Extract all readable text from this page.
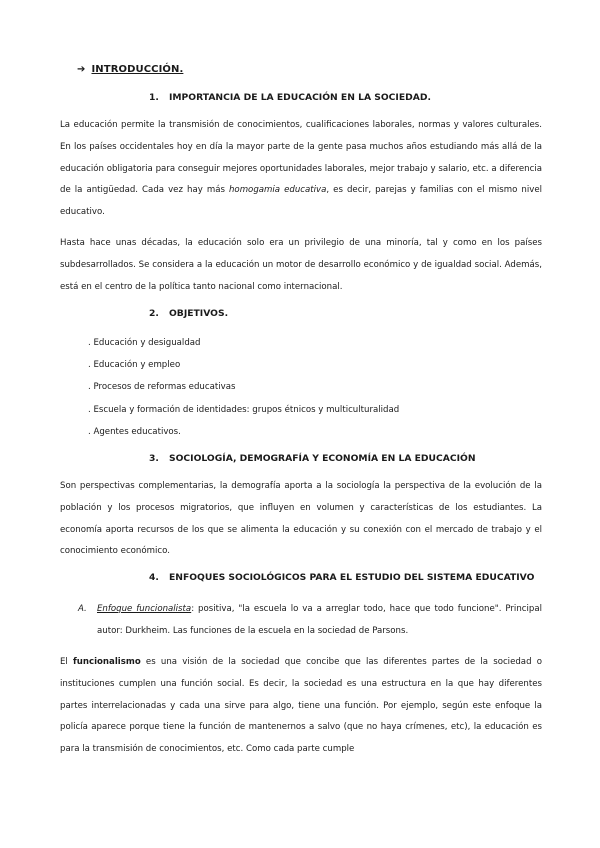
➔ INTRODUCCIÓN.
1. IMPORTANCIA DE LA EDUCACIÓN EN LA SOCIEDAD.
La educación permite la transmisión de conocimientos, cualificaciones laborales, normas y valores culturales. En los países occidentales hoy en día la mayor parte de la gente pasa muchos años estudiando más allá de la educación obligatoria para conseguir mejores oportunidades laborales, mejor trabajo y salario, etc. a diferencia de la antigüedad. Cada vez hay más homogamia educativa, es decir, parejas y familias con el mismo nivel educativo.
Hasta hace unas décadas, la educación solo era un privilegio de una minoría, tal y como en los países subdesarrollados. Se considera a la educación un motor de desarrollo económico y de igualdad social. Además, está en el centro de la política tanto nacional como internacional.
2. OBJETIVOS.
. Educación y desigualdad
. Educación y empleo
. Procesos de reformas educativas
. Escuela y formación de identidades: grupos étnicos y multiculturalidad
. Agentes educativos.
3. SOCIOLOGÍA, DEMOGRAFÍA Y ECONOMÍA EN LA EDUCACIÓN
Son perspectivas complementarias, la demografía aporta a la sociología la perspectiva de la evolución de la población y los procesos migratorios, que influyen en volumen y características de los estudiantes. La economía aporta recursos de los que se alimenta la educación y su conexión con el mercado de trabajo y el conocimiento económico.
4. ENFOQUES SOCIOLÓGICOS PARA EL ESTUDIO DEL SISTEMA EDUCATIVO
A. Enfoque funcionalista: positiva, "la escuela lo va a arreglar todo, hace que todo funcione". Principal autor: Durkheim. Las funciones de la escuela en la sociedad de Parsons.
El funcionalismo es una visión de la sociedad que concibe que las diferentes partes de la sociedad o instituciones cumplen una función social. Es decir, la sociedad es una estructura en la que hay diferentes partes interrelacionadas y cada una sirve para algo, tiene una función. Por ejemplo, según este enfoque la policía aparece porque tiene la función de mantenernos a salvo (que no haya crímenes, etc), la educación es para la transmisión de conocimientos, etc. Como cada parte cumple
